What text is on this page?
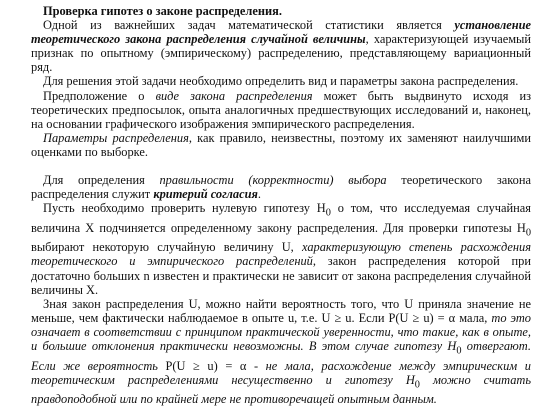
Проверка гипотез о законе распределения.

Одной из важнейших задач математической статистики является установление теоретического закона распределения случайной величины, характеризующей изучаемый признак по опытному (эмпирическому) распределению, представляющему вариационный ряд.

Для решения этой задачи необходимо определить вид и параметры закона распределения.

Предположение о виде закона распределения может быть выдвинуто исходя из теоретических предпосылок, опыта аналогичных предшествующих исследований и, наконец, на основании графического изображения эмпирического распределения.

Параметры распределения, как правило, неизвестны, поэтому их заменяют наилучшими оценками по выборке.

Для определения правильности (корректности) выбора теоретического закона распределения служит критерий согласия.

Пусть необходимо проверить нулевую гипотезу $H_0$ о том, что исследуемая случайная величина X подчиняется определенному закону распределения. Для проверки гипотезы $H_0$ выбирают некоторую случайную величину U, характеризующую степень расхождения теоретического и эмпирического распределений, закон распределения которой при достаточно больших n известен и практически не зависит от закона распределения случайной величины X.

Зная закон распределения U, можно найти вероятность того, что U приняла значение не меньше, чем фактически наблюдаемое в опыте u, т.е. U ≥ u. Если P(U ≥ u) = α мала, то это означает в соответствии с принципом практической уверенности, что такие, как в опыте, и большие отклонения практически невозможны. В этом случае гипотезу $H_0$ отвергают. Если же вероятность P(U ≥ u) = α - не мала, расхождение между эмпирическим и теоретическим распределениями несущественно и гипотезу $H_0$ можно считать правдоподобной или по крайней мере не противоречащей опытным данным.
